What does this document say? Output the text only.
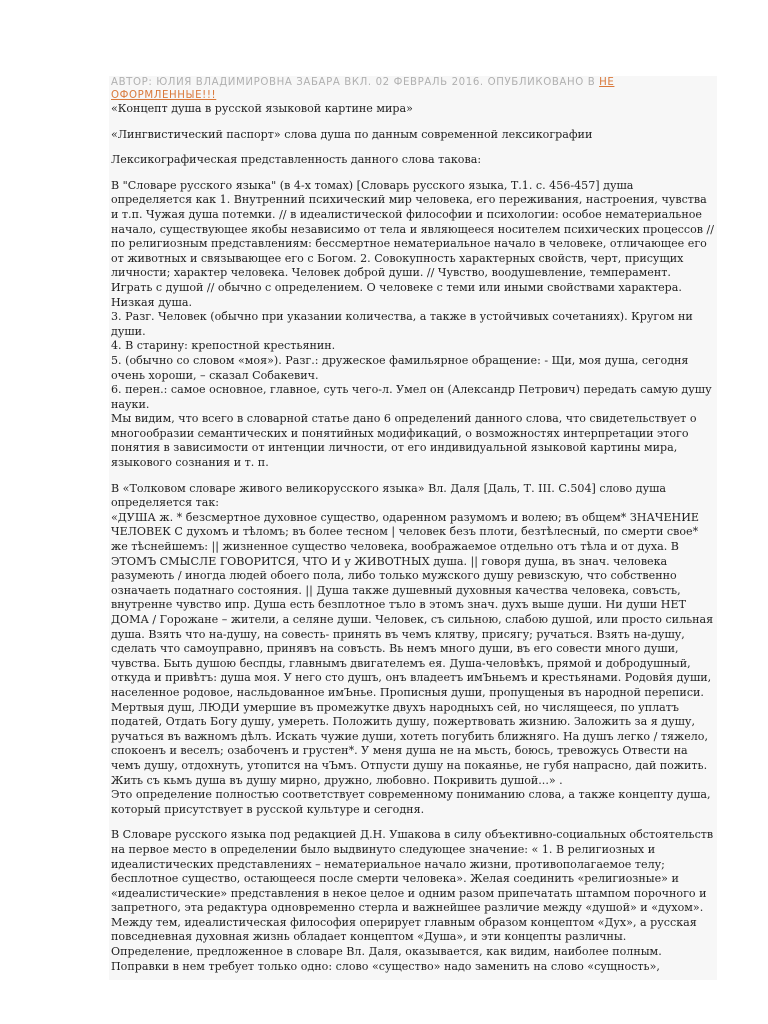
АВТОР: ЮЛИЯ ВЛАДИМИРОВНА ЗАБАРА ВКЛ. 02 ФЕВРАЛЬ 2016. ОПУБЛИКОВАНО В НЕ ОФОРМЛЕННЫЕ!!!

«Концепт душа в русской языковой картине мира»

«Лингвистический паспорт» слова душа по данным современной лексикографии

Лексикографическая представленность данного слова такова:

В "Словаре русского языка" (в 4-х томах) [Словарь русского языка, Т.1. с. 456-457] душа определяется как 1. Внутренний психический мир человека, его переживания, настроения, чувства и т.п. Чужая душа потемки. // в идеалистической философии и психологии: особое нематериальное начало, существующее якобы независимо от тела и являющееся носителем психических процессов // по религиозным представлениям: бессмертное нематериальное начало в человеке, отличающее его от животных и связывающее его с Богом. 2. Совокупность характерных свойств, черт, присущих личности; характер человека. Человек доброй души. // Чувство, воодушевление, темперамент. Играть с душой // обычно с определением. О человеке с теми или иными свойствами характера. Низкая душа.

3. Разг. Человек (обычно при указании количества, а также в устойчивых сочетаниях). Кругом ни души.

4. В старину: крепостной крестьянин.

5. (обычно со словом «моя»). Разг.: дружеское фамильярное обращение: - Щи, моя душа, сегодня очень хороши, – сказал Собакевич.

6. перен.: самое основное, главное, суть чего-л. Умел он (Александр Петрович) передать самую душу науки.

Мы видим, что всего в словарной статье дано 6 определений данного слова, что свидетельствует о многообразии семантических и понятийных модификаций, о возможностях интерпретации этого понятия в зависимости от интенции личности, от его индивидуальной языковой картины мира, языкового сознания и т. п.

В «Толковом словаре живого великорусского языка» Вл. Даля [Даль, Т. III. С.504] слово душа определяется так:

«ДУША ж. * безсмертное духовное существо, одаренном разумомъ и волею; въ общем* ЗНАЧЕНИЕ ЧЕЛОВЕК С духомъ и тѣломъ; въ более тесном | человек безъ плоти, безтѣлесный, по смерти свое* же тѣснейшемъ: || жизненное существо человека, воображаемое отдельно отъ тѣла и от духа. В ЭТОМЪ СМЫСЛЕ ГОВОРИТСЯ, ЧТО И у ЖИВОТНЫХ душа. || говоря душа, въ знач. человека разумеють / иногда людей обоего пола, либо только мужского душу ревизскую, что собственно означаеть податнаго состояния. || Душа также душевный духовныя качества человека, совъсть, внутренне чувство ипр. Душа есть безплотное тъло в этомъ знач. духъ выше души. Ни души НЕТ ДОМА / Горожане – жители, а селяне души. Человек, съ сильною, слабою душой, или просто сильная душа. Взять что на-душу, на совесть- принять въ чемъ клятву, присягу; ручаться. Взять на-душу, сделать что самоуправно, принявъ на совъсть. Вь немъ много души, въ его совести много души, чувства. Быть душою беспды, главнымъ двигателемъ ея. Душа-человѣкъ, прямой и добродушный, откуда и привѣтъ: душа моя. У него сто душъ, онъ владеетъ имЪньемъ и крестьянами. Родовйя души, населенное родовое, насльдованное имЪнье. Прописныя души, пропущеныя въ народной переписи. Мертвыя душ, ЛЮДИ умершие въ промежутке двухъ народныхъ сей, но числящееся, по уплатъ податей, Отдать Богу душу, умереть. Положить душу, пожертвовать жизнию. Заложить за я душу, ручаться въ важномъ дѣлъ. Искать чужие души, хотеть погубить ближняго. На душъ легко / тяжело, спокоенъ и веселъ; озабоченъ и грустен*. У меня душа не на мьсть, боюсь, тревожусь Отвести на чемъ душу, отдохнуть, утопится на чЪмъ. Отпусти душу на покаянье, не губя напрасно, дай пожить. Жить съ кьмъ душа въ душу мирно, дружно, любовно. Покривить душой...» .

Это определение полностью соответствует современному пониманию слова, а также концепту душа, который присутствует в русской культуре и сегодня.

В Словаре русского языка под редакцией Д.Н. Ушакова в силу объективно-социальных обстоятельств на первое место в определении было выдвинуто следующее значение: « 1. В религиозных и идеалистических представлениях – нематериальное начало жизни, противополагаемое телу; бесплотное существо, остающееся после смерти человека». Желая соединить «религиозные» и «идеалистические» представления в некое целое и одним разом припечатать штампом порочного и запретного, эта редактура одновременно стерла и важнейшее различие между «душой» и «духом». Между тем, идеалистическая философия оперирует главным образом концептом «Дух», а русская повседневная духовная жизнь обладает концептом «Душа», и эти концепты различны.

Определение, предложенное в словаре Вл. Даля, оказывается, как видим, наиболее полным. Поправки в нем требует только одно: слово «существо» надо заменить на слово «сущность»,
